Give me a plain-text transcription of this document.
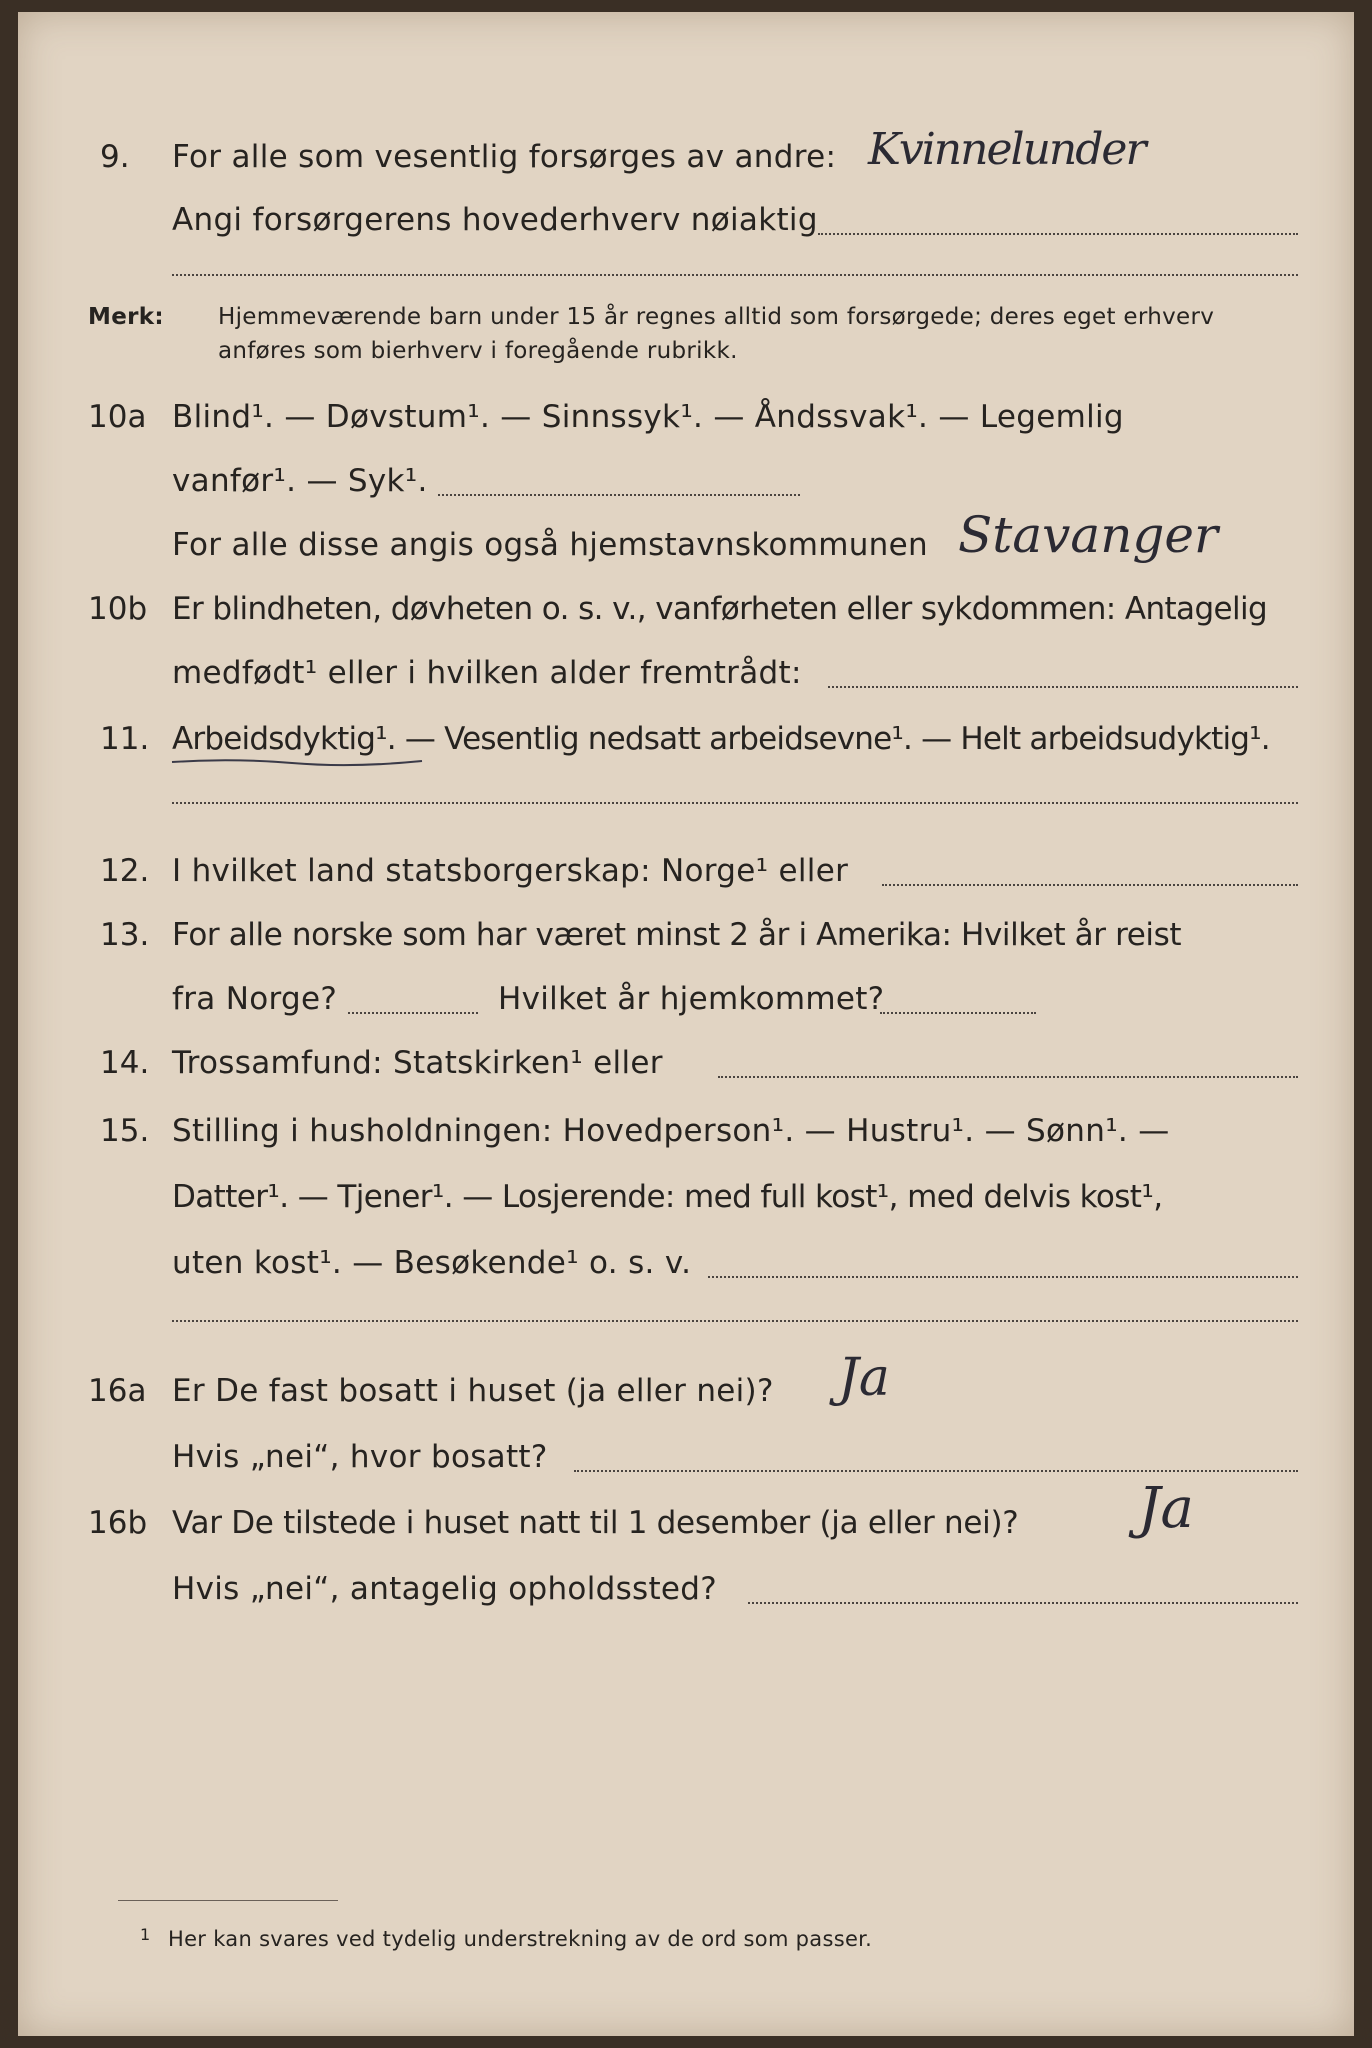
9. For alle som vesentlig forsørges av andre: Kvinnelunder
Angi forsørgerens hovederhverv nøiaktig
Merk: Hjemmeværende barn under 15 år regnes alltid som forsørgede; deres eget erhverv
anføres som bierhverv i foregående rubrikk.
10a Blind¹. — Døvstum¹. — Sinnssyk¹. — Åndssvak¹. — Legemlig
vanfør¹. — Syk¹.
For alle disse angis også hjemstavnskommunen Stavanger
10b Er blindheten, døvheten o. s. v., vanførheten eller sykdommen: Antagelig
medfødt¹ eller i hvilken alder fremtrådt:
11. Arbeidsdyktig¹. — Vesentlig nedsatt arbeidsevne¹. — Helt arbeidsudyktig¹.
12. I hvilket land statsborgerskap: Norge¹ eller
13. For alle norske som har været minst 2 år i Amerika: Hvilket år reist
fra Norge?	Hvilket år hjemkommet?
14. Trossamfund: Statskirken¹ eller
15. Stilling i husholdningen: Hovedperson¹. — Hustru¹. — Sønn¹. —
Datter¹. — Tjener¹. — Losjerende: med full kost¹, med delvis kost¹,
uten kost¹. — Besøkende¹ o. s. v.
16a Er De fast bosatt i huset (ja eller nei)? Ja
Hvis „nei“, hvor bosatt?
16b Var De tilstede i huset natt til 1 desember (ja eller nei)? Ja
Hvis „nei“, antagelig opholdssted?
1 Her kan svares ved tydelig understrekning av de ord som passer.
